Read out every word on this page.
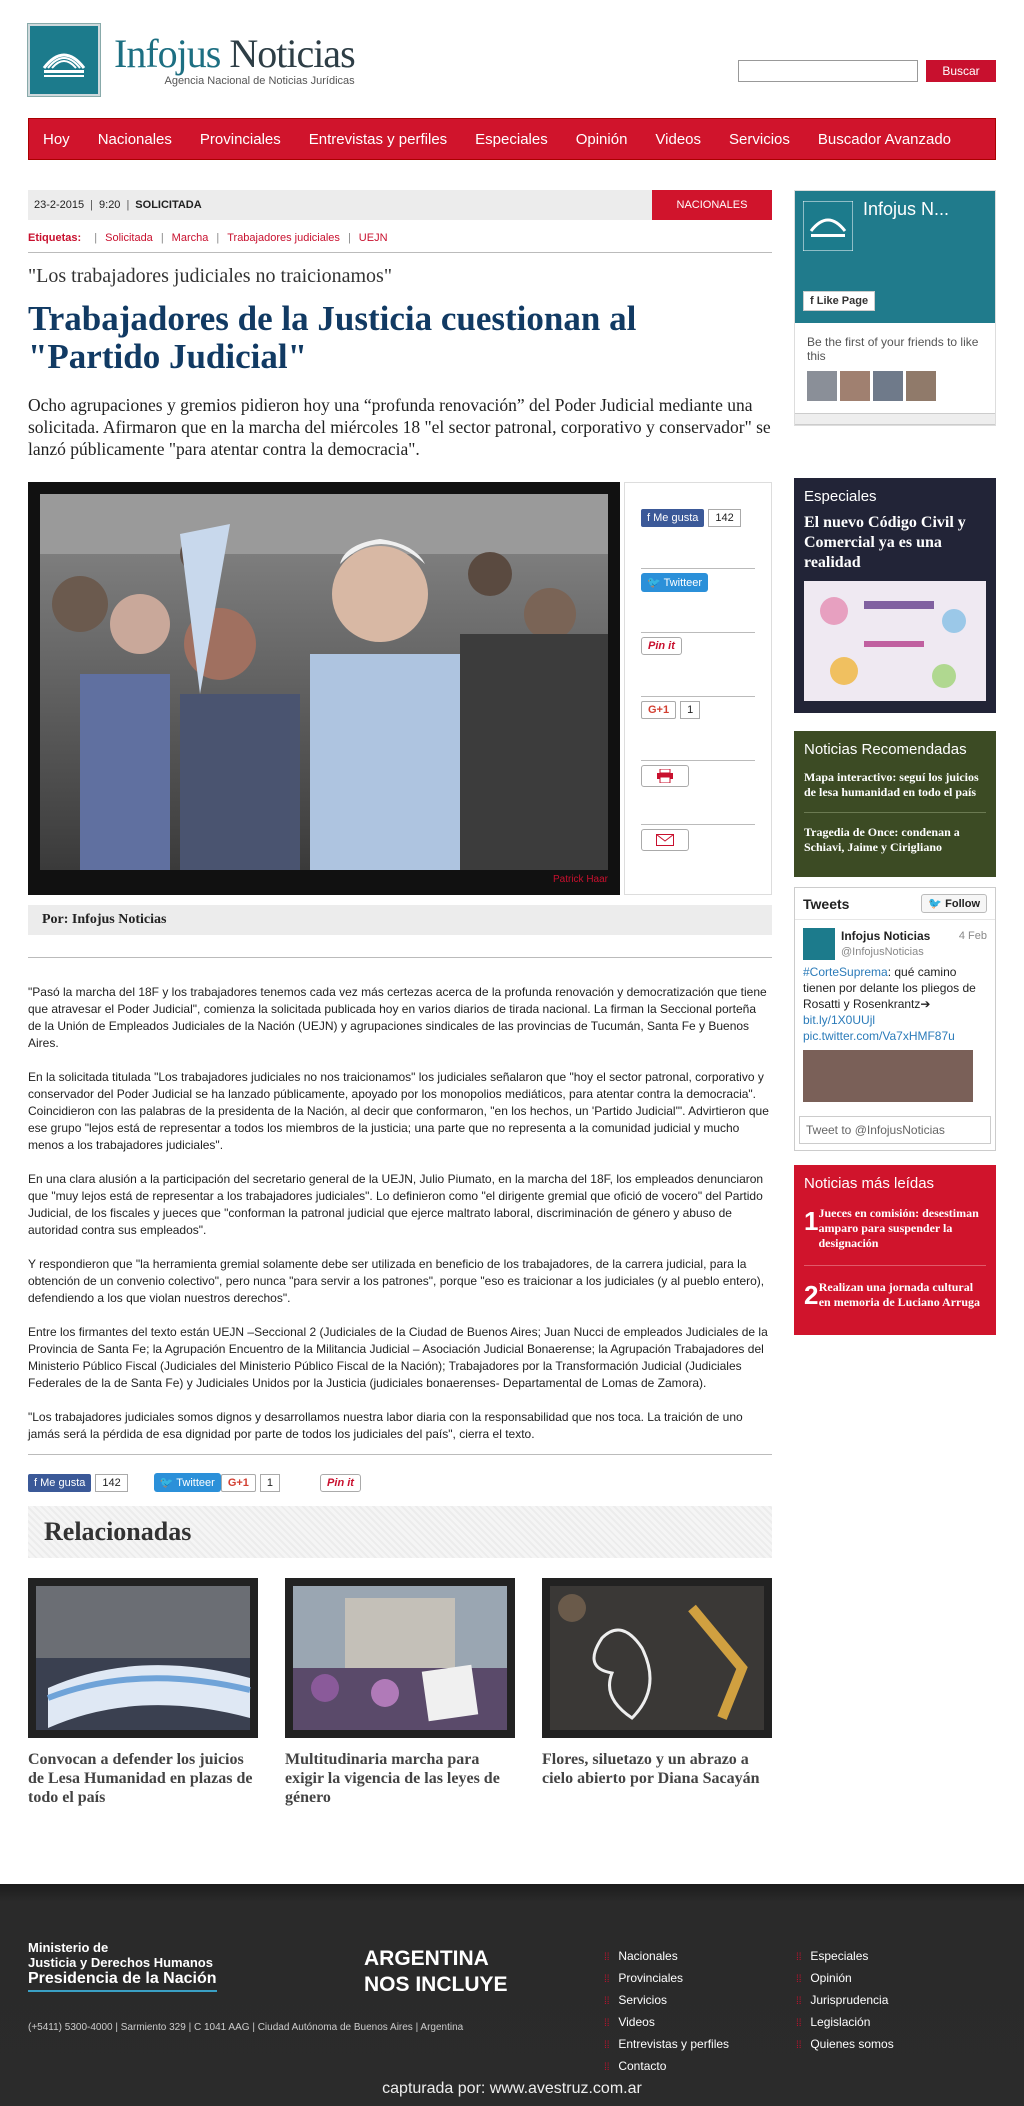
Infojus Noticias
Agencia Nacional de Noticias Jurídicas
Buscar
Hoy	Nacionales	Provinciales	Entrevistas y perfiles	Especiales	Opinión	Videos	Servicios	Buscador Avanzado
23-2-2015 | 9:20 | SOLICITADA	NACIONALES
Etiquetas: | Solicitada | Marcha | Trabajadores judiciales | UEJN
"Los trabajadores judiciales no traicionamos"
Trabajadores de la Justicia cuestionan al "Partido Judicial"
Ocho agrupaciones y gremios pidieron hoy una “profunda renovación” del Poder Judicial mediante una solicitada. Afirmaron que en la marcha del miércoles 18 "el sector patronal, corporativo y conservador" se lanzó públicamente "para atentar contra la democracia".
Patrick Haar
f Me gusta	142
🐦 Twitteer
Pin it
G+1	1
Por: Infojus Noticias

"Pasó la marcha del 18F y los trabajadores tenemos cada vez más certezas acerca de la profunda renovación y democratización que tiene que atravesar el Poder Judicial", comienza la solicitada publicada hoy en varios diarios de tirada nacional. La firman la Seccional porteña de la Unión de Empleados Judiciales de la Nación (UEJN) y agrupaciones sindicales de las provincias de Tucumán, Santa Fe y Buenos Aires.

En la solicitada titulada "Los trabajadores judiciales no nos traicionamos" los judiciales señalaron que "hoy el sector patronal, corporativo y conservador del Poder Judicial se ha lanzado públicamente, apoyado por los monopolios mediáticos, para atentar contra la democracia". Coincidieron con las palabras de la presidenta de la Nación, al decir que conformaron, "en los hechos, un 'Partido Judicial'". Advirtieron que ese grupo "lejos está de representar a todos los miembros de la justicia; una parte que no representa a la comunidad judicial y mucho menos a los trabajadores judiciales".

En una clara alusión a la participación del secretario general de la UEJN, Julio Piumato, en la marcha del 18F, los empleados denunciaron que "muy lejos está de representar a los trabajadores judiciales". Lo definieron como "el dirigente gremial que ofició de vocero" del Partido Judicial, de los fiscales y jueces que "conforman la patronal judicial que ejerce maltrato laboral, discriminación de género y abuso de autoridad contra sus empleados".

Y respondieron que "la herramienta gremial solamente debe ser utilizada en beneficio de los trabajadores, de la carrera judicial, para la obtención de un convenio colectivo", pero nunca "para servir a los patrones", porque "eso es traicionar a los judiciales (y al pueblo entero), defendiendo a los que violan nuestros derechos".

Entre los firmantes del texto están UEJN –Seccional 2 (Judiciales de la Ciudad de Buenos Aires; Juan Nucci de empleados Judiciales de la Provincia de Santa Fe; la Agrupación Encuentro de la Militancia Judicial – Asociación Judicial Bonaerense; la Agrupación Trabajadores del Ministerio Público Fiscal (Judiciales del Ministerio Público Fiscal de la Nación); Trabajadores por la Transformación Judicial (Judiciales Federales de la de Santa Fe) y Judiciales Unidos por la Justicia (judiciales bonaerenses- Departamental de Lomas de Zamora).

"Los trabajadores judiciales somos dignos y desarrollamos nuestra labor diaria con la responsabilidad que nos toca. La traición de uno jamás será la pérdida de esa dignidad por parte de todos los judiciales del país", cierra el texto.

f Me gusta	142	🐦 Twitteer	G+1	1	Pin it
Relacionadas
Convocan a defender los juicios de Lesa Humanidad en plazas de todo el país
Multitudinaria marcha para exigir la vigencia de las leyes de género
Flores, siluetazo y un abrazo a cielo abierto por Diana Sacayán
Infojus N...
f Like Page
Be the first of your friends to like this
Especiales
El nuevo Código Civil y Comercial ya es una realidad
Noticias Recomendadas
Mapa interactivo: seguí los juicios de lesa humanidad en todo el país
Tragedia de Once: condenan a Schiavi, Jaime y Cirigliano
Tweets	🐦 Follow
Infojus Noticias	4 Feb
@InfojusNoticias
#CorteSuprema: qué camino tienen por delante los pliegos de Rosatti y Rosenkrantz➔ bit.ly/1X0UUjl pic.twitter.com/Va7xHMF87u
Tweet to @InfojusNoticias
Noticias más leídas
1 Jueces en comisión: desestiman amparo para suspender la designación
2 Realizan una jornada cultural en memoria de Luciano Arruga
Ministerio de
Justicia y Derechos Humanos
Presidencia de la Nación
ARGENTINA
NOS INCLUYE
(+5411) 5300-4000 | Sarmiento 329 | C 1041 AAG | Ciudad Autónoma de Buenos Aires | Argentina
⁞⁞ Nacionales
⁞⁞ Provinciales
⁞⁞ Servicios
⁞⁞ Videos
⁞⁞ Entrevistas y perfiles
⁞⁞ Contacto
⁞⁞ Especiales
⁞⁞ Opinión
⁞⁞ Jurisprudencia
⁞⁞ Legislación
⁞⁞ Quienes somos
capturada por: www.avestruz.com.ar
